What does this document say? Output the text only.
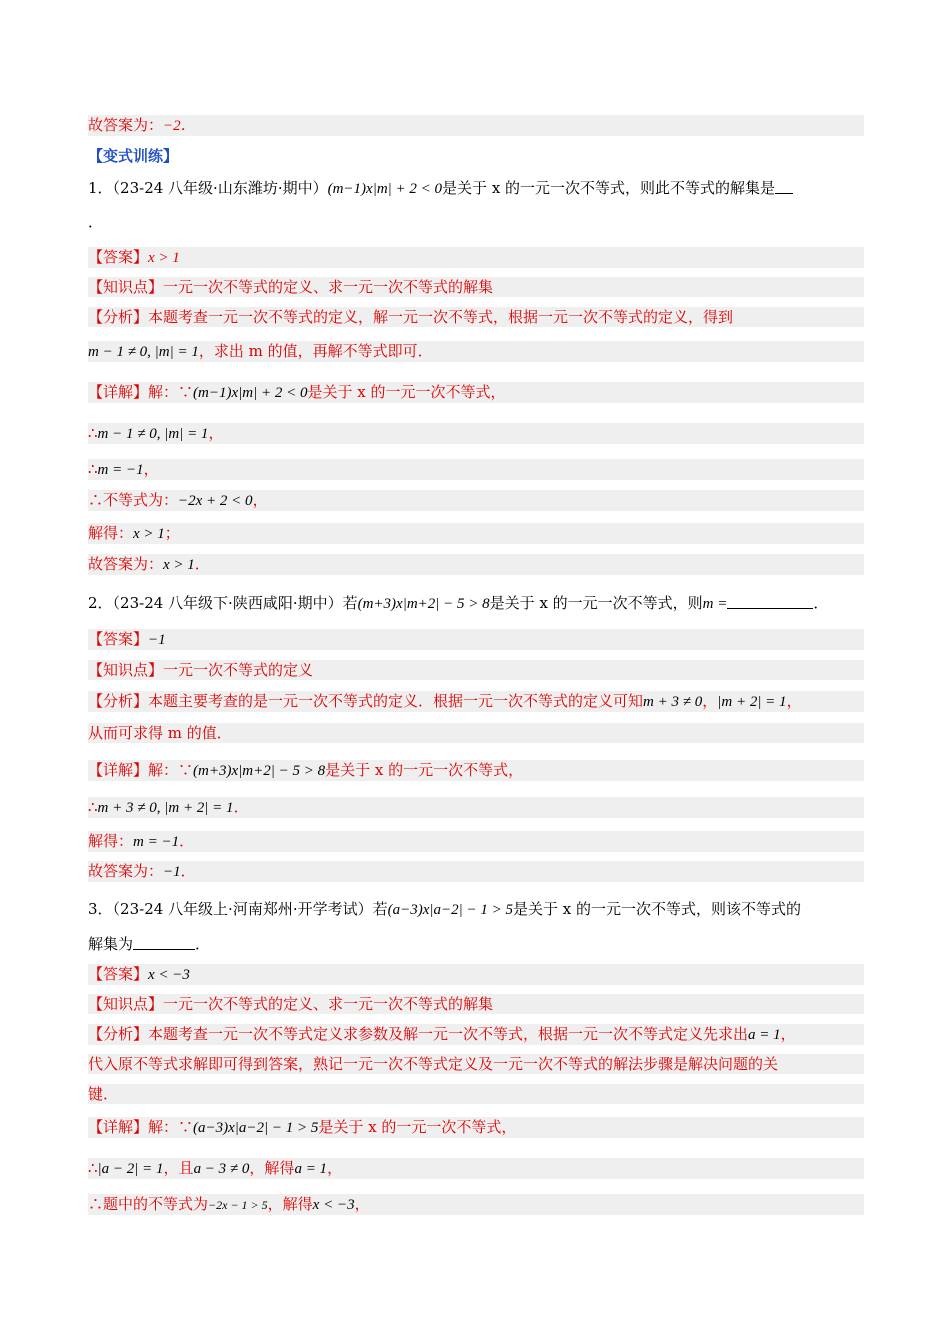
故答案为：−2．
【变式训练】
1．（23-24 八年级·山东潍坊·期中）(m−1)x|m| + 2 < 0是关于 x 的一元一次不等式，则此不等式的解集是
．
【答案】x > 1
【知识点】一元一次不等式的定义、求一元一次不等式的解集
【分析】本题考查一元一次不等式的定义，解一元一次不等式，根据一元一次不等式的定义，得到
m − 1 ≠ 0, |m| = 1，求出 m 的值，再解不等式即可．
【详解】解：∵(m−1)x|m| + 2 < 0是关于 x 的一元一次不等式，
∴m − 1 ≠ 0, |m| = 1，
∴m = −1，
∴不等式为：−2x + 2 < 0，
解得：x > 1；
故答案为：x > 1．
2．（23-24 八年级下·陕西咸阳·期中）若(m+3)x|m+2| − 5 > 8是关于 x 的一元一次不等式，则m =	．
【答案】−1
【知识点】一元一次不等式的定义
【分析】本题主要考查的是一元一次不等式的定义．根据一元一次不等式的定义可知m + 3 ≠ 0，|m + 2| = 1，
从而可求得 m 的值．
【详解】解：∵(m+3)x|m+2| − 5 > 8是关于 x 的一元一次不等式，
∴m + 3 ≠ 0, |m + 2| = 1．
解得：m = −1．
故答案为：−1．
3．（23-24 八年级上·河南郑州·开学考试）若(a−3)x|a−2| − 1 > 5是关于 x 的一元一次不等式，则该不等式的
解集为	．
【答案】x < −3
【知识点】一元一次不等式的定义、求一元一次不等式的解集
【分析】本题考查一元一次不等式定义求参数及解一元一次不等式，根据一元一次不等式定义先求出a = 1，
代入原不等式求解即可得到答案，熟记一元一次不等式定义及一元一次不等式的解法步骤是解决问题的关
键．
【详解】解：∵(a−3)x|a−2| − 1 > 5是关于 x 的一元一次不等式，
∴|a − 2| = 1，且a − 3 ≠ 0，解得a = 1，
∴题中的不等式为−2x − 1 > 5，解得x < −3，
